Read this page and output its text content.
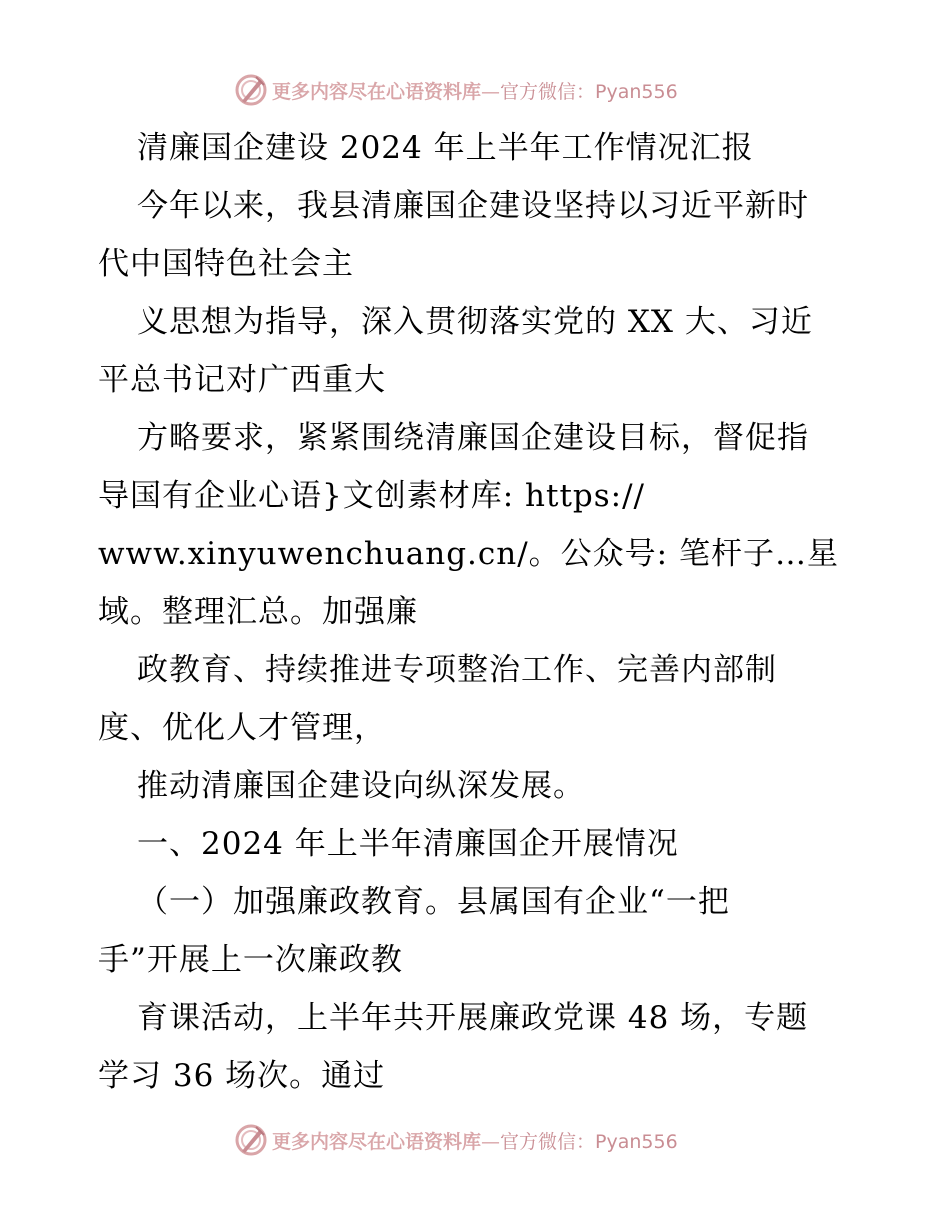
更多内容尽在心语资料库—官方微信：Pyan556
清廉国企建设 2024 年上半年工作情况汇报
今年以来，我县清廉国企建设坚持以习近平新时
代中国特色社会主
义思想为指导，深入贯彻落实党的 XX 大、习近
平总书记对广西重大
方略要求，紧紧围绕清廉国企建设目标，督促指
导国有企业心语}文创素材库: https://
www.xinyuwenchuang.cn/。公众号: 笔杆子…星
域。整理汇总。加强廉
政教育、持续推进专项整治工作、完善内部制
度、优化人才管理，
推动清廉国企建设向纵深发展。
一、2024 年上半年清廉国企开展情况
（一）加强廉政教育。县属国有企业“一把
手”开展上一次廉政教
育课活动，上半年共开展廉政党课 48 场，专题
学习 36 场次。通过
更多内容尽在心语资料库—官方微信：Pyan556
